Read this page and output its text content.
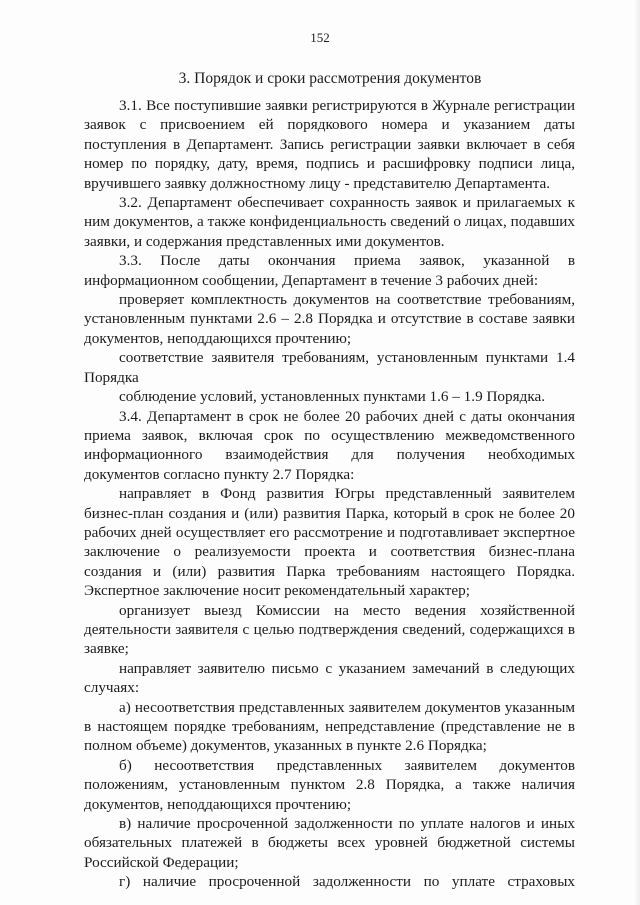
152
3. Порядок и сроки рассмотрения документов

3.1. Все поступившие заявки регистрируются в Журнале регистрации заявок с присвоением ей порядкового номера и указанием даты поступления в Департамент. Запись регистрации заявки включает в себя номер по порядку, дату, время, подпись и расшифровку подписи лица, вручившего заявку должностному лицу - представителю Департамента.

3.2. Департамент обеспечивает сохранность заявок и прилагаемых к ним документов, а также конфиденциальность сведений о лицах, подавших заявки, и содержания представленных ими документов.

3.3. После даты окончания приема заявок, указанной в информационном сообщении, Департамент в течение 3 рабочих дней:

проверяет комплектность документов на соответствие требованиям, установленным пунктами 2.6 – 2.8 Порядка и отсутствие в составе заявки документов, неподдающихся прочтению;

соответствие заявителя требованиям, установленным пунктами 1.4 Порядка

соблюдение условий, установленных пунктами 1.6 – 1.9 Порядка.

3.4. Департамент в срок не более 20 рабочих дней с даты окончания приема заявок, включая срок по осуществлению межведомственного информационного взаимодействия для получения необходимых документов согласно пункту 2.7 Порядка:

направляет в Фонд развития Югры представленный заявителем бизнес-план создания и (или) развития Парка, который в срок не более 20 рабочих дней осуществляет его рассмотрение и подготавливает экспертное заключение о реализуемости проекта и соответствия бизнес-плана создания и (или) развития Парка требованиям настоящего Порядка. Экспертное заключение носит рекомендательный характер;

организует выезд Комиссии на место ведения хозяйственной деятельности заявителя с целью подтверждения сведений, содержащихся в заявке;

направляет заявителю письмо с указанием замечаний в следующих случаях:

а) несоответствия представленных заявителем документов указанным в настоящем порядке требованиям, непредставление (представление не в полном объеме) документов, указанных в пункте 2.6 Порядка;

б) несоответствия представленных заявителем документов положениям, установленным пунктом 2.8 Порядка, а также наличия документов, неподдающихся прочтению;

в) наличие просроченной задолженности по уплате налогов и иных обязательных платежей в бюджеты всех уровней бюджетной системы Российской Федерации;

г) наличие просроченной задолженности по уплате страховых
